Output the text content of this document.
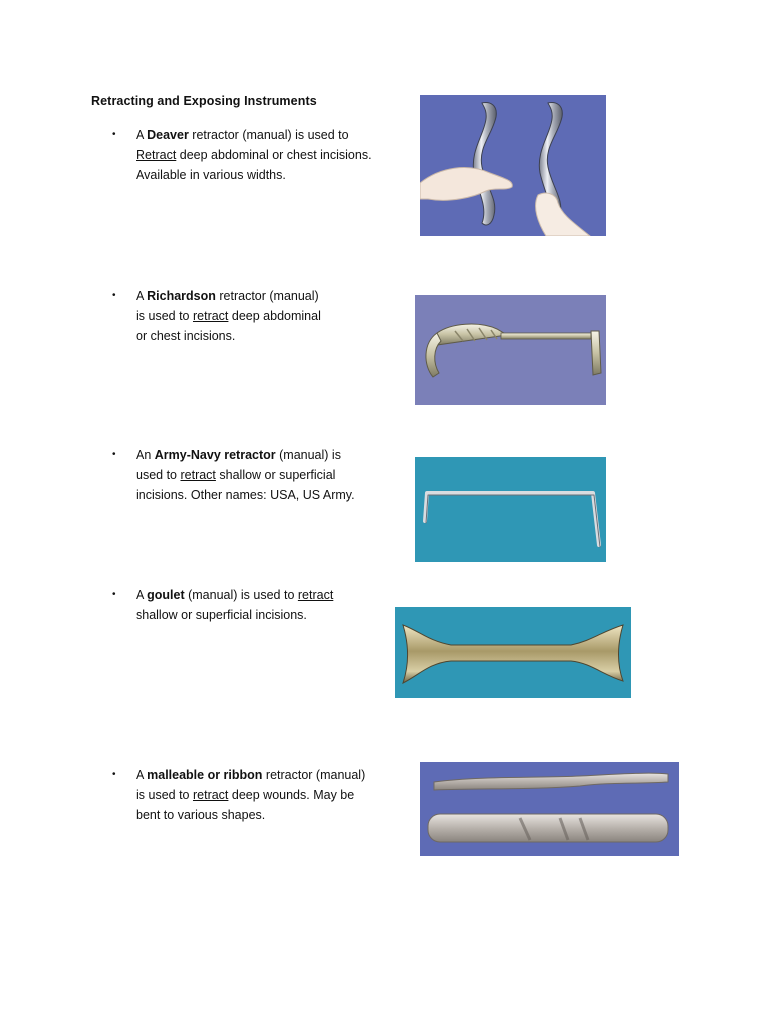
Retracting and Exposing Instruments
• A Deaver retractor (manual) is used to
Retract deep abdominal or chest incisions.
Available in various widths.
• A Richardson retractor (manual)
is used to retract deep abdominal
or chest incisions.
• An Army-Navy retractor (manual) is
used to retract shallow or superficial
incisions. Other names: USA, US Army.
• A goulet (manual) is used to retract
shallow or superficial incisions.
• A malleable or ribbon retractor (manual)
is used to retract deep wounds. May be
bent to various shapes.
